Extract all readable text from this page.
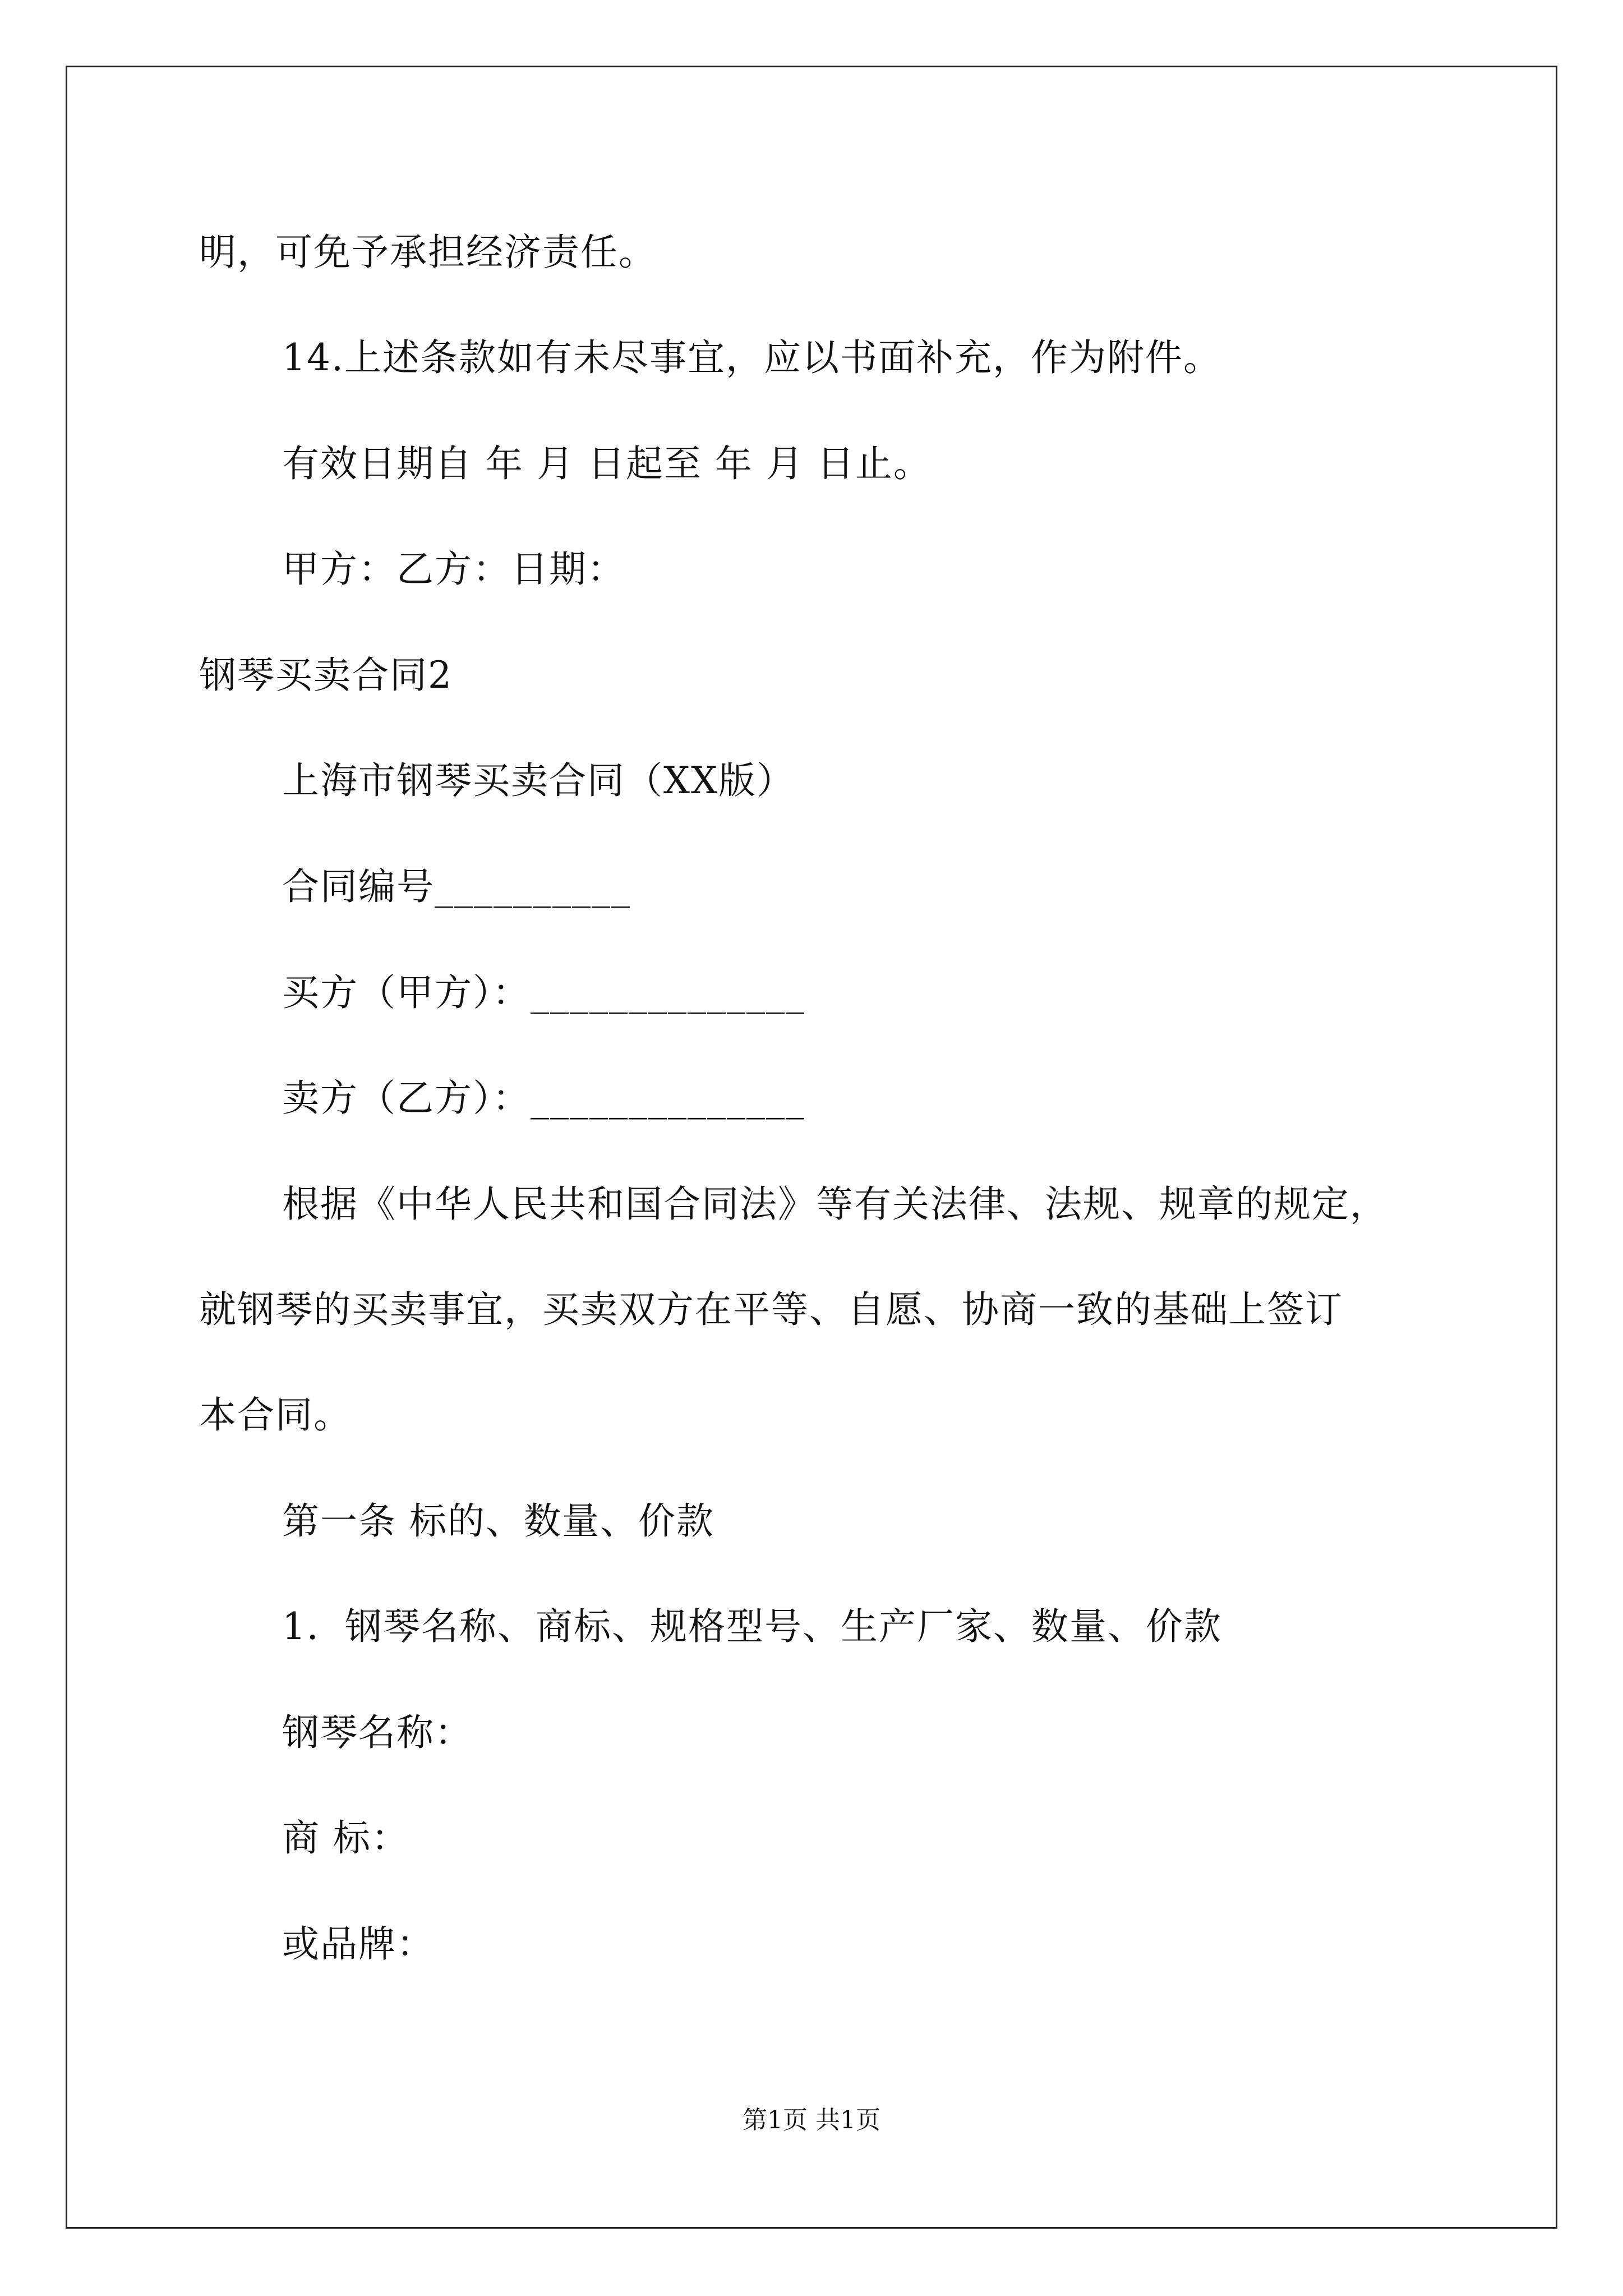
明，可免予承担经济责任。
14.上述条款如有未尽事宜，应以书面补充，作为附件。
有效日期自 年 月 日起至 年 月 日止。
甲方：乙方：日期：
钢琴买卖合同2
上海市钢琴买卖合同（XX版）
合同编号__________
买方（甲方）：______________
卖方（乙方）：______________
根据《中华人民共和国合同法》等有关法律、法规、规章的规定，
就钢琴的买卖事宜，买卖双方在平等、自愿、协商一致的基础上签订
本合同。
第一条 标的、数量、价款
1．钢琴名称、商标、规格型号、生产厂家、数量、价款
钢琴名称：
商 标：
或品牌：
第1页 共1页
